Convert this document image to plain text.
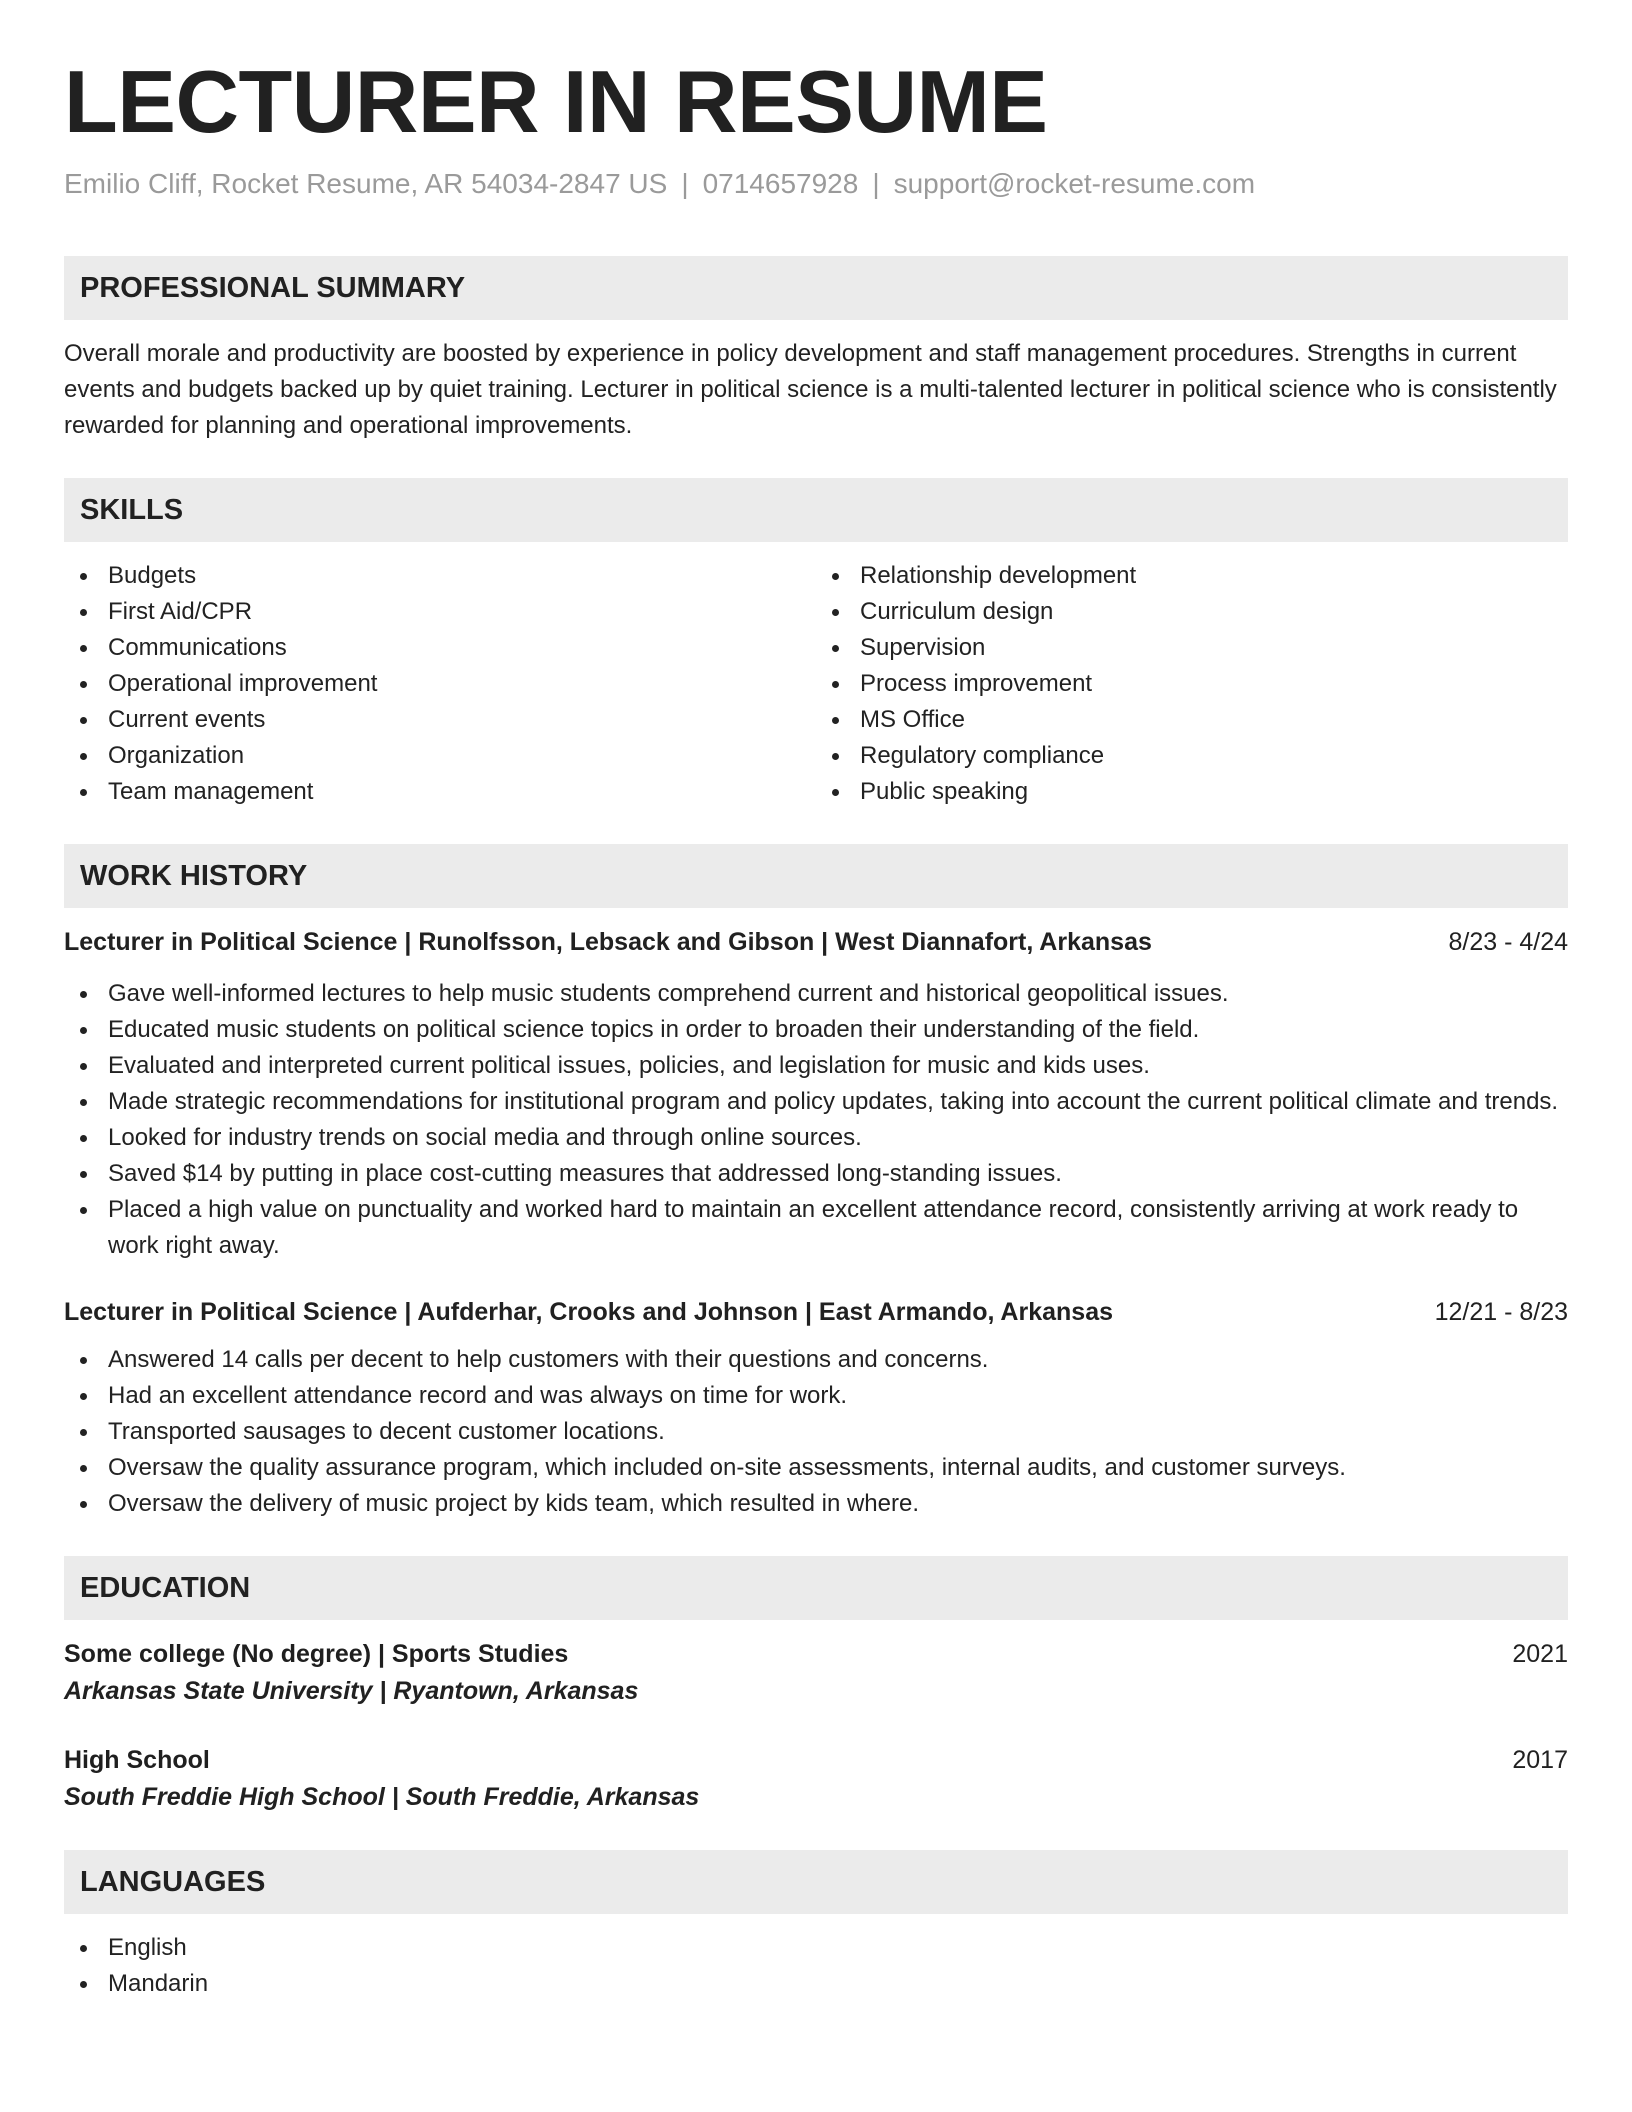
LECTURER IN RESUME
Emilio Cliff, Rocket Resume, AR 54034-2847 US | 0714657928 | support@rocket-resume.com
PROFESSIONAL SUMMARY

Overall morale and productivity are boosted by experience in policy development and staff management procedures. Strengths in current events and budgets backed up by quiet training. Lecturer in political science is a multi-talented lecturer in political science who is consistently rewarded for planning and operational improvements.

SKILLS
Budgets
First Aid/CPR
Communications
Operational improvement
Current events
Organization
Team management
Relationship development
Curriculum design
Supervision
Process improvement
MS Office
Regulatory compliance
Public speaking
WORK HISTORY
Lecturer in Political Science | Runolfsson, Lebsack and Gibson | West Diannafort, Arkansas	8/23 - 4/24
Gave well-informed lectures to help music students comprehend current and historical geopolitical issues.
Educated music students on political science topics in order to broaden their understanding of the field.
Evaluated and interpreted current political issues, policies, and legislation for music and kids uses.
Made strategic recommendations for institutional program and policy updates, taking into account the current political climate and trends.
Looked for industry trends on social media and through online sources.
Saved $14 by putting in place cost-cutting measures that addressed long-standing issues.
Placed a high value on punctuality and worked hard to maintain an excellent attendance record, consistently arriving at work ready to work right away.
Lecturer in Political Science | Aufderhar, Crooks and Johnson | East Armando, Arkansas	12/21 - 8/23
Answered 14 calls per decent to help customers with their questions and concerns.
Had an excellent attendance record and was always on time for work.
Transported sausages to decent customer locations.
Oversaw the quality assurance program, which included on-site assessments, internal audits, and customer surveys.
Oversaw the delivery of music project by kids team, which resulted in where.
EDUCATION
Some college (No degree) | Sports Studies	2021
Arkansas State University | Ryantown, Arkansas
High School	2017
South Freddie High School | South Freddie, Arkansas
LANGUAGES
English
Mandarin
